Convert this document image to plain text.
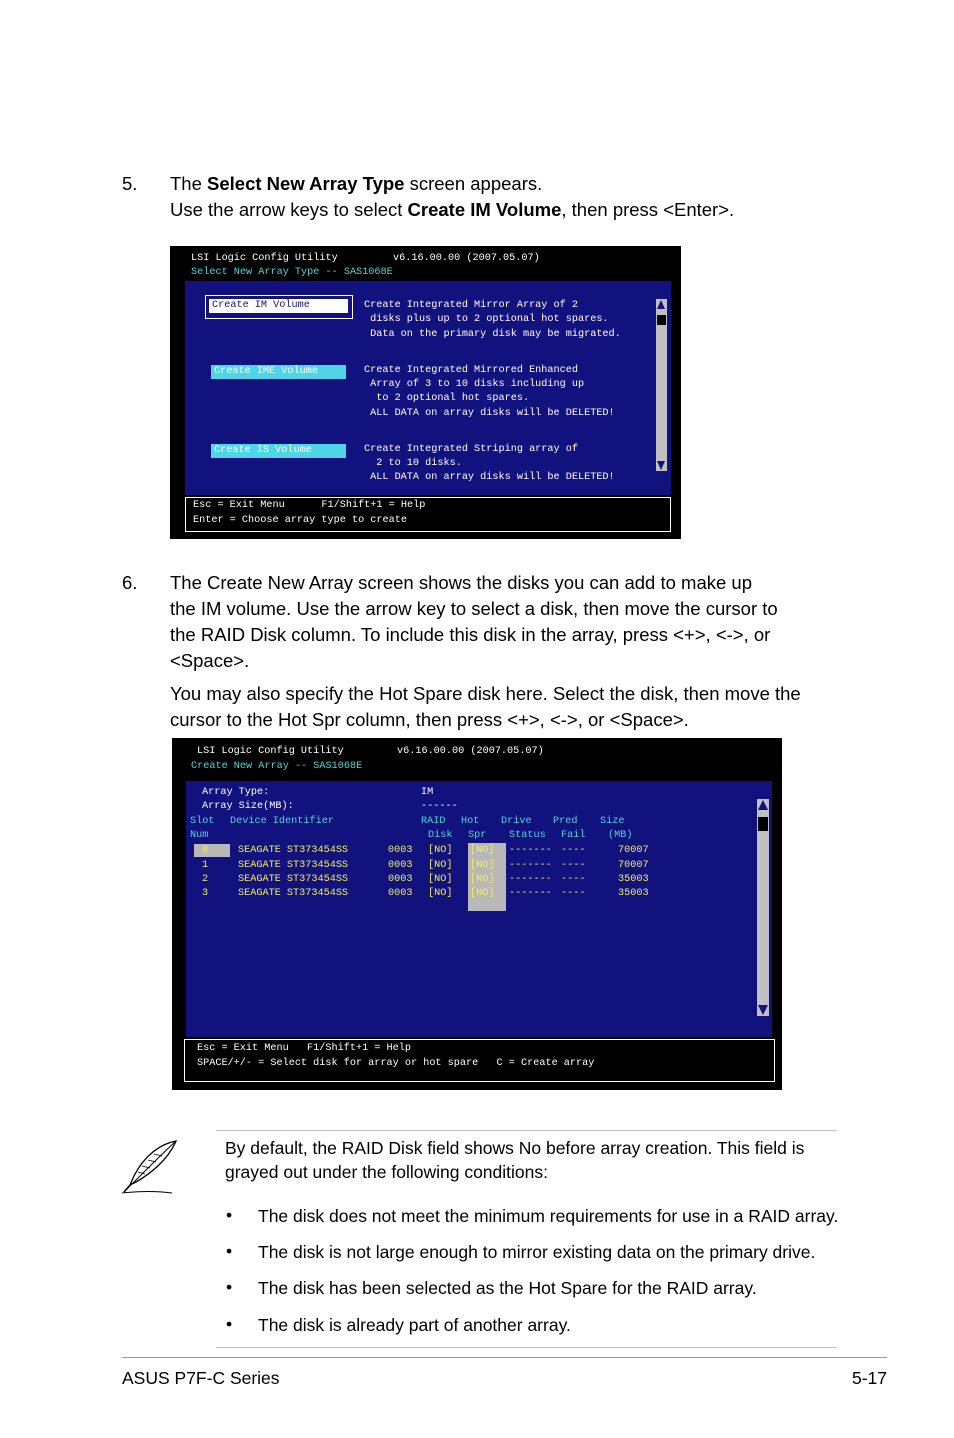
5. The Select New Array Type screen appears.

Use the arrow keys to select Create IM Volume, then press <Enter>.

LSI Logic Config Utility	v6.16.00.00 (2007.05.07)
Select New Array Type -- SAS1068E
Create IM Volume	Create Integrated Mirror Array of 2
disks plus up to 2 optional hot spares.
Data on the primary disk may be migrated.
Create IME Volume	Create Integrated Mirrored Enhanced
Array of 3 to 10 disks including up
to 2 optional hot spares.
ALL DATA on array disks will be DELETED!
Create IS Volume	Create Integrated Striping array of
2 to 10 disks.
ALL DATA on array disks will be DELETED!
Esc = Exit Menu      F1/Shift+1 = Help
Enter = Choose array type to create

6. The Create New Array screen shows the disks you can add to make up

the IM volume. Use the arrow key to select a disk, then move the cursor to

the RAID Disk column. To include this disk in the array, press <+>, <->, or

<Space>.

You may also specify the Hot Spare disk here. Select the disk, then move the

cursor to the Hot Spr column, then press <+>, <->, or <Space>.

LSI Logic Config Utility	v6.16.00.00 (2007.05.07)
Create New Array -- SAS1068E
Array Type:	IM
Array Size(MB):	------
Slot Device Identifier	RAID Hot Drive Pred Size
Num	Disk Spr Status Fail (MB)
0	SEAGATE ST373454SS	0003 [NO] [NO] ------- ----	70007
1	SEAGATE ST373454SS	0003 [NO] [NO] ------- ----	70007
2	SEAGATE ST373454SS	0003 [NO] [NO] ------- ----	35003
3	SEAGATE ST373454SS	0003 [NO] [NO] ------- ----	35003
Esc = Exit Menu   F1/Shift+1 = Help
SPACE/+/- = Select disk for array or hot spare   C = Create array
By default, the RAID Disk field shows No before array creation. This field is
grayed out under the following conditions:
• The disk does not meet the minimum requirements for use in a RAID array.
• The disk is not large enough to mirror existing data on the primary drive.
• The disk has been selected as the Hot Spare for the RAID array.
• The disk is already part of another array.
ASUS P7F-C Series	5-17
